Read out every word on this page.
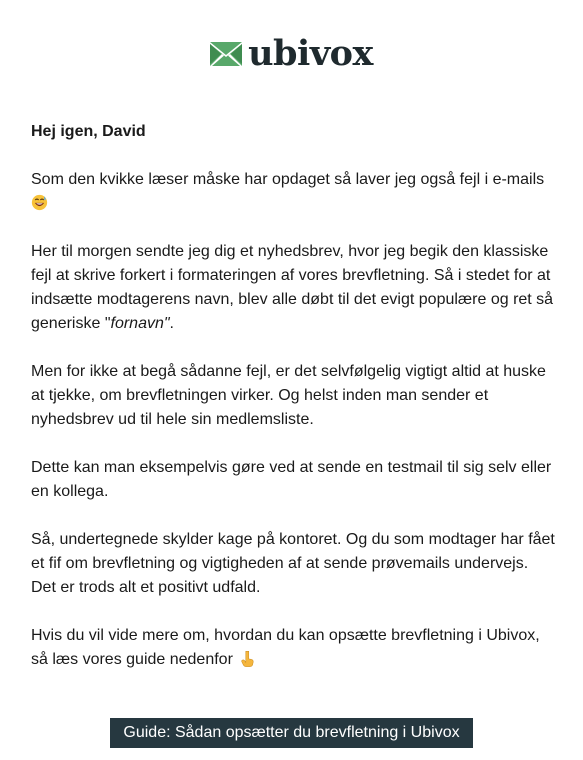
ubivox

Hej igen, David

Som den kvikke læser måske har opdaget så laver jeg også fejl i e-mails

Her til morgen sendte jeg dig et nyhedsbrev, hvor jeg begik den klassiske fejl at skrive forkert i formateringen af vores brevfletning. Så i stedet for at indsætte modtagerens navn, blev alle døbt til det evigt populære og ret så generiske "fornavn".

Men for ikke at begå sådanne fejl, er det selvfølgelig vigtigt altid at huske at tjekke, om brevfletningen virker. Og helst inden man sender et nyhedsbrev ud til hele sin medlemsliste.

Dette kan man eksempelvis gøre ved at sende en testmail til sig selv eller en kollega.

Så, undertegnede skylder kage på kontoret. Og du som modtager har fået et fif om brevfletning og vigtigheden af at sende prøvemails undervejs. Det er trods alt et positivt udfald.

Hvis du vil vide mere om, hvordan du kan opsætte brevfletning i Ubivox, så læs vores guide nedenfor

Guide: Sådan opsætter du brevfletning i Ubivox
